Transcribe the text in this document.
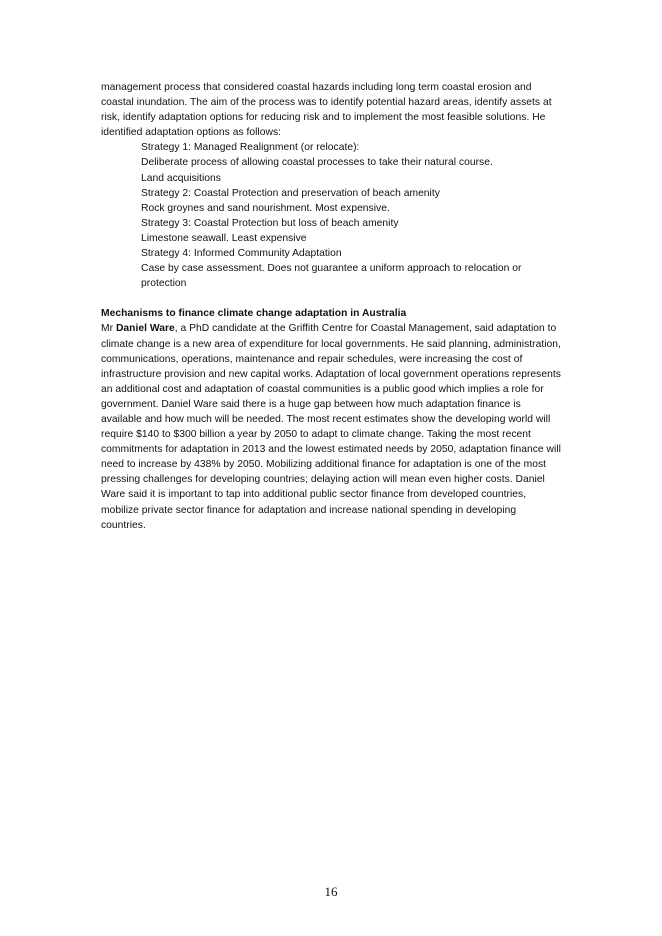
management process that considered coastal hazards including long term coastal erosion and coastal inundation. The aim of the process was to identify potential hazard areas, identify assets at risk, identify adaptation options for reducing risk and to implement the most feasible solutions. He identified adaptation options as follows:

Strategy 1: Managed Realignment (or relocate):
Deliberate process of allowing coastal processes to take their natural course.
Land acquisitions
Strategy 2: Coastal Protection and preservation of beach amenity
Rock groynes and sand nourishment. Most expensive.
Strategy 3: Coastal Protection but loss of beach amenity
Limestone seawall. Least expensive
Strategy 4: Informed Community Adaptation
Case by case assessment. Does not guarantee a uniform approach to relocation or protection

Mechanisms to finance climate change adaptation in Australia

Mr Daniel Ware, a PhD candidate at the Griffith Centre for Coastal Management, said adaptation to climate change is a new area of expenditure for local governments. He said planning, administration, communications, operations, maintenance and repair schedules, were increasing the cost of infrastructure provision and new capital works. Adaptation of local government operations represents an additional cost and adaptation of coastal communities is a public good which implies a role for government. Daniel Ware said there is a huge gap between how much adaptation finance is available and how much will be needed. The most recent estimates show the developing world will require $140 to $300 billion a year by 2050 to adapt to climate change. Taking the most recent commitments for adaptation in 2013 and the lowest estimated needs by 2050, adaptation finance will need to increase by 438% by 2050. Mobilizing additional finance for adaptation is one of the most pressing challenges for developing countries; delaying action will mean even higher costs. Daniel Ware said it is important to tap into additional public sector finance from developed countries, mobilize private sector finance for adaptation and increase national spending in developing countries.

16
